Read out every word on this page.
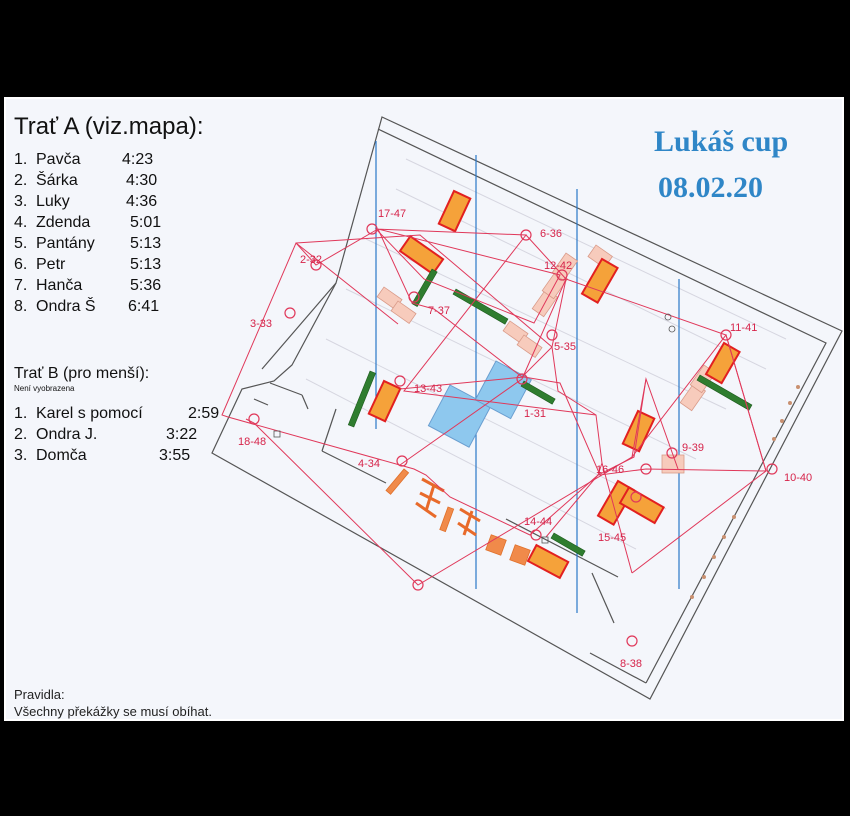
17-47
6-36
2-32	12-42
7-37
3-33
5-35
11-41
13-43
1-31
18-48	9-39
4-34	16-46
10-40
15-45
14-44
8-38
Trať A (viz.mapa):
1. Pavča	4:23
2. Šárka	4:30
3. Luky	4:36
4. Zdenda 5:01
5. Pantány 5:13
6. Petr	5:13
7. Hanča	5:36
8. Ondra Š 6:41
Trať B (pro menší):
Není vyobrazena
1. Karel s pomocí	2:59
2. Ondra J.	3:22
3. Domča	3:55
Lukáš cup
08.02.20
Pravidla:
Všechny překážky se musí obíhat.
